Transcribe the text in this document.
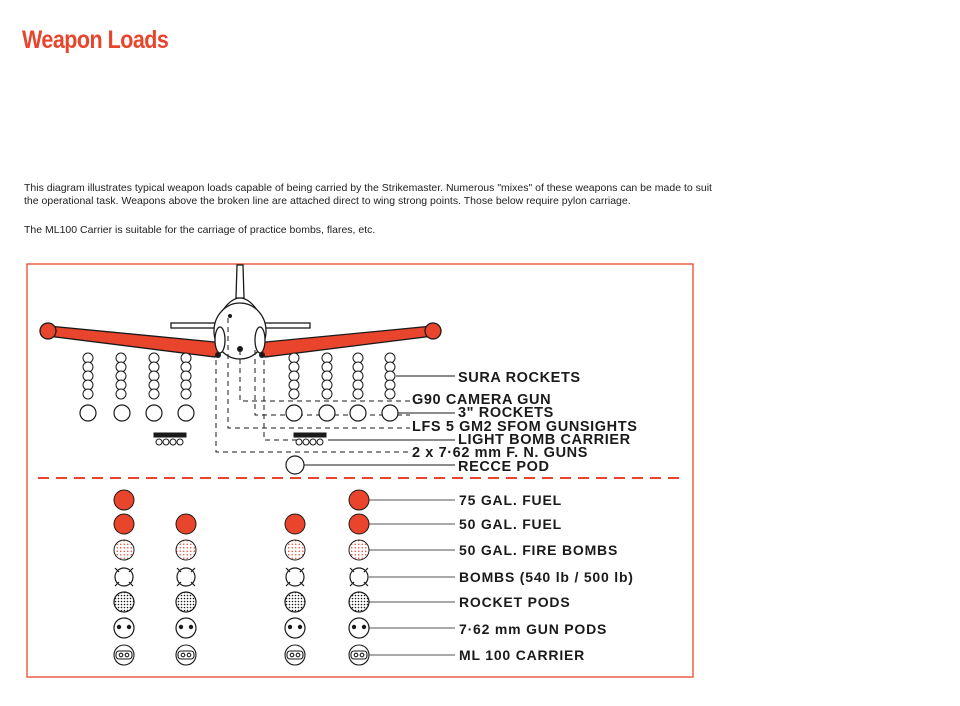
Weapon Loads

This diagram illustrates typical weapon loads capable of being carried by the Strikemaster. Numerous "mixes" of these weapons can be made to suit the operational task. Weapons above the broken line are attached direct to wing strong points. Those below require pylon carriage.

The ML100 Carrier is suitable for the carriage of practice bombs, flares, etc.

SURA ROCKETS
G90 CAMERA GUN
3" ROCKETS
LFS 5 GM2 SFOM GUNSIGHTS
LIGHT BOMB CARRIER
2 x 7·62 mm F. N. GUNS
RECCE POD
75 GAL. FUEL
50 GAL. FUEL
50 GAL. FIRE BOMBS
BOMBS (540 lb / 500 lb)
ROCKET PODS
7·62 mm GUN PODS
ML 100 CARRIER
